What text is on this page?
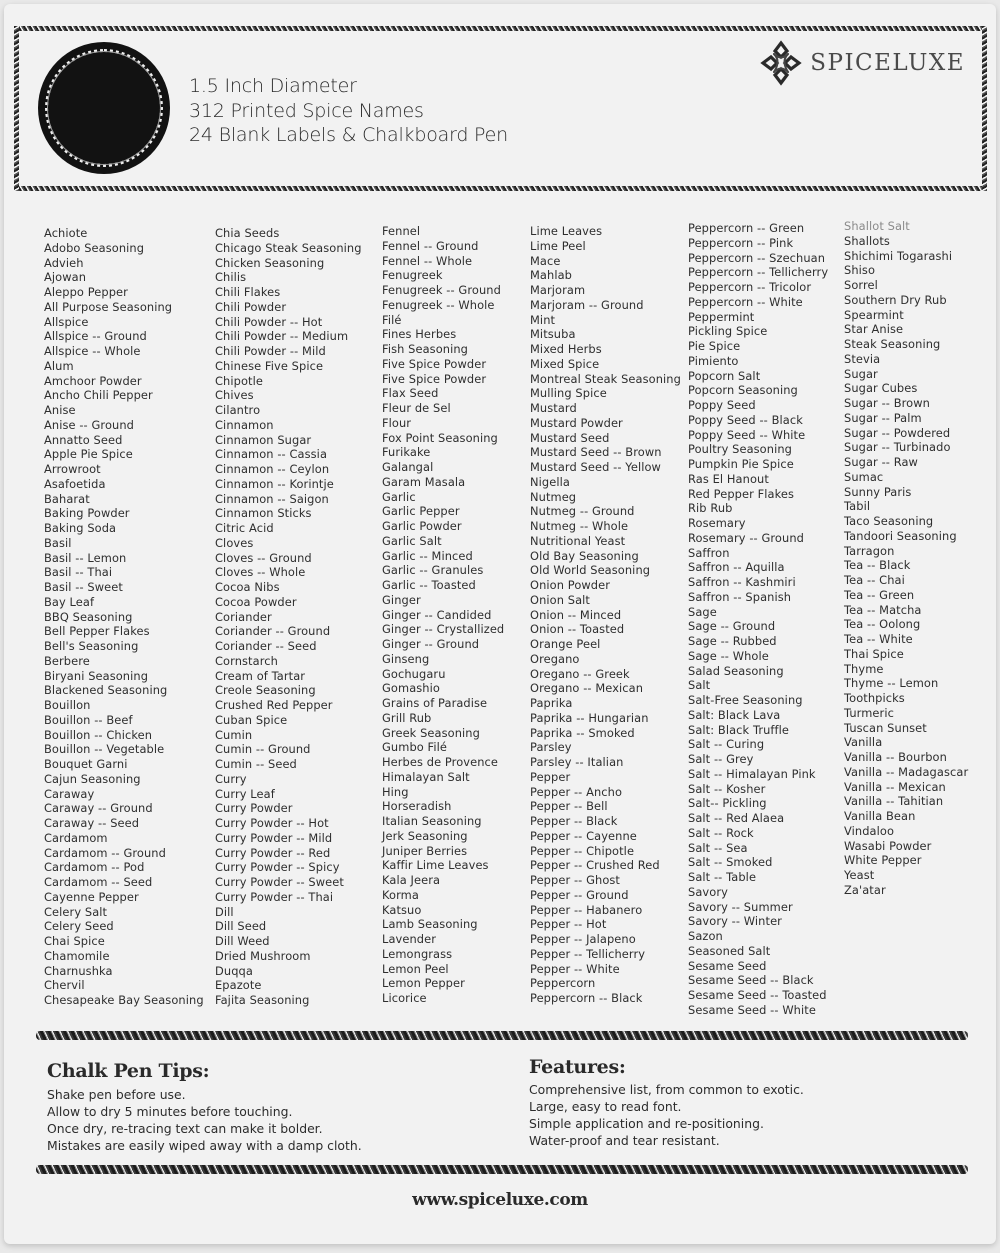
1.5 Inch Diameter
312 Printed Spice Names
24 Blank Labels & Chalkboard Pen
SPICELUXE
Achiote
Adobo Seasoning
Advieh
Ajowan
Aleppo Pepper
All Purpose Seasoning
Allspice
Allspice -- Ground
Allspice -- Whole
Alum
Amchoor Powder
Ancho Chili Pepper
Anise
Anise -- Ground
Annatto Seed
Apple Pie Spice
Arrowroot
Asafoetida
Baharat
Baking Powder
Baking Soda
Basil
Basil -- Lemon
Basil -- Thai
Basil -- Sweet
Bay Leaf
BBQ Seasoning
Bell Pepper Flakes
Bell's Seasoning
Berbere
Biryani Seasoning
Blackened Seasoning
Bouillon
Bouillon -- Beef
Bouillon -- Chicken
Bouillon -- Vegetable
Bouquet Garni
Cajun Seasoning
Caraway
Caraway -- Ground
Caraway -- Seed
Cardamom
Cardamom -- Ground
Cardamom -- Pod
Cardamom -- Seed
Cayenne Pepper
Celery Salt
Celery Seed
Chai Spice
Chamomile
Charnushka
Chervil
Chesapeake Bay Seasoning
Chia Seeds
Chicago Steak Seasoning
Chicken Seasoning
Chilis
Chili Flakes
Chili Powder
Chili Powder -- Hot
Chili Powder -- Medium
Chili Powder -- Mild
Chinese Five Spice
Chipotle
Chives
Cilantro
Cinnamon
Cinnamon Sugar
Cinnamon -- Cassia
Cinnamon -- Ceylon
Cinnamon -- Korintje
Cinnamon -- Saigon
Cinnamon Sticks
Citric Acid
Cloves
Cloves -- Ground
Cloves -- Whole
Cocoa Nibs
Cocoa Powder
Coriander
Coriander -- Ground
Coriander -- Seed
Cornstarch
Cream of Tartar
Creole Seasoning
Crushed Red Pepper
Cuban Spice
Cumin
Cumin -- Ground
Cumin -- Seed
Curry
Curry Leaf
Curry Powder
Curry Powder -- Hot
Curry Powder -- Mild
Curry Powder -- Red
Curry Powder -- Spicy
Curry Powder -- Sweet
Curry Powder -- Thai
Dill
Dill Seed
Dill Weed
Dried Mushroom
Duqqa
Epazote
Fajita Seasoning
Fennel
Fennel -- Ground
Fennel -- Whole
Fenugreek
Fenugreek -- Ground
Fenugreek -- Whole
Filé
Fines Herbes
Fish Seasoning
Five Spice Powder
Five Spice Powder
Flax Seed
Fleur de Sel
Flour
Fox Point Seasoning
Furikake
Galangal
Garam Masala
Garlic
Garlic Pepper
Garlic Powder
Garlic Salt
Garlic -- Minced
Garlic -- Granules
Garlic -- Toasted
Ginger
Ginger -- Candided
Ginger -- Crystallized
Ginger -- Ground
Ginseng
Gochugaru
Gomashio
Grains of Paradise
Grill Rub
Greek Seasoning
Gumbo Filé
Herbes de Provence
Himalayan Salt
Hing
Horseradish
Italian Seasoning
Jerk Seasoning
Juniper Berries
Kaffir Lime Leaves
Kala Jeera
Korma
Katsuo
Lamb Seasoning
Lavender
Lemongrass
Lemon Peel
Lemon Pepper
Licorice
Lime Leaves
Lime Peel
Mace
Mahlab
Marjoram
Marjoram -- Ground
Mint
Mitsuba
Mixed Herbs
Mixed Spice
Montreal Steak Seasoning
Mulling Spice
Mustard
Mustard Powder
Mustard Seed
Mustard Seed -- Brown
Mustard Seed -- Yellow
Nigella
Nutmeg
Nutmeg -- Ground
Nutmeg -- Whole
Nutritional Yeast
Old Bay Seasoning
Old World Seasoning
Onion Powder
Onion Salt
Onion -- Minced
Onion -- Toasted
Orange Peel
Oregano
Oregano -- Greek
Oregano -- Mexican
Paprika
Paprika -- Hungarian
Paprika -- Smoked
Parsley
Parsley -- Italian
Pepper
Pepper -- Ancho
Pepper -- Bell
Pepper -- Black
Pepper -- Cayenne
Pepper -- Chipotle
Pepper -- Crushed Red
Pepper -- Ghost
Pepper -- Ground
Pepper -- Habanero
Pepper -- Hot
Pepper -- Jalapeno
Pepper -- Tellicherry
Pepper -- White
Peppercorn
Peppercorn -- Black
Peppercorn -- Green
Peppercorn -- Pink
Peppercorn -- Szechuan
Peppercorn -- Tellicherry
Peppercorn -- Tricolor
Peppercorn -- White
Peppermint
Pickling Spice
Pie Spice
Pimiento
Popcorn Salt
Popcorn Seasoning
Poppy Seed
Poppy Seed -- Black
Poppy Seed -- White
Poultry Seasoning
Pumpkin Pie Spice
Ras El Hanout
Red Pepper Flakes
Rib Rub
Rosemary
Rosemary -- Ground
Saffron
Saffron -- Aquilla
Saffron -- Kashmiri
Saffron -- Spanish
Sage
Sage -- Ground
Sage -- Rubbed
Sage -- Whole
Salad Seasoning
Salt
Salt-Free Seasoning
Salt: Black Lava
Salt: Black Truffle
Salt -- Curing
Salt -- Grey
Salt -- Himalayan Pink
Salt -- Kosher
Salt-- Pickling
Salt -- Red Alaea
Salt -- Rock
Salt -- Sea
Salt -- Smoked
Salt -- Table
Savory
Savory -- Summer
Savory -- Winter
Sazon
Seasoned Salt
Sesame Seed
Sesame Seed -- Black
Sesame Seed -- Toasted
Sesame Seed -- White
Shallot Salt
Shallots
Shichimi Togarashi
Shiso
Sorrel
Southern Dry Rub
Spearmint
Star Anise
Steak Seasoning
Stevia
Sugar
Sugar Cubes
Sugar -- Brown
Sugar -- Palm
Sugar -- Powdered
Sugar -- Turbinado
Sugar -- Raw
Sumac
Sunny Paris
Tabil
Taco Seasoning
Tandoori Seasoning
Tarragon
Tea -- Black
Tea -- Chai
Tea -- Green
Tea -- Matcha
Tea -- Oolong
Tea -- White
Thai Spice
Thyme
Thyme -- Lemon
Toothpicks
Turmeric
Tuscan Sunset
Vanilla
Vanilla -- Bourbon
Vanilla -- Madagascar
Vanilla -- Mexican
Vanilla -- Tahitian
Vanilla Bean
Vindaloo
Wasabi Powder
White Pepper
Yeast
Za'atar
Chalk Pen Tips:
Shake pen before use.
Allow to dry 5 minutes before touching.
Once dry, re-tracing text can make it bolder.
Mistakes are easily wiped away with a damp cloth.
Features:
Comprehensive list, from common to exotic.
Large, easy to read font.
Simple application and re-positioning.
Water-proof and tear resistant.
www.spiceluxe.com
